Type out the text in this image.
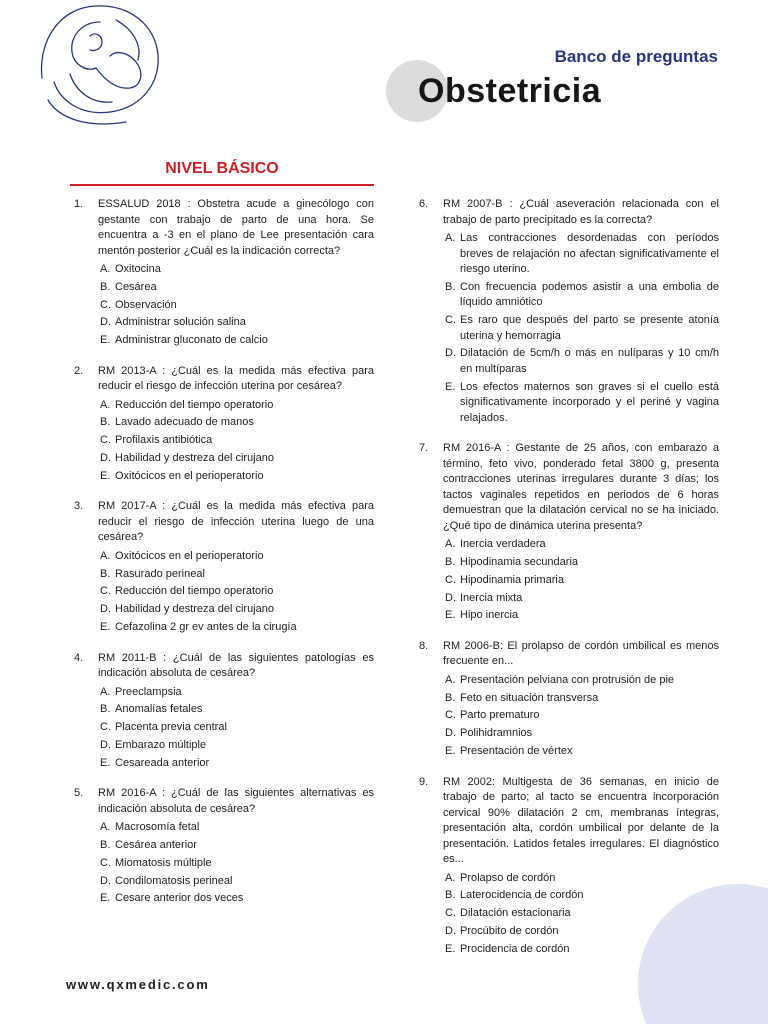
Banco de preguntas
Obstetricia
NIVEL BÁSICO
1. ESSALUD 2018 : Obstetra acude a ginecólogo con gestante con trabajo de parto de una hora. Se encuentra a -3 en el plano de Lee presentación cara mentón posterior ¿Cuál es la indicación correcta?
A. Oxitocina
B. Cesárea
C. Observación
D. Administrar solución salina
E. Administrar gluconato de calcio
2. RM 2013-A : ¿Cuál es la medida más efectiva para reducir el riesgo de infección uterina por cesárea?
A. Reducción del tiempo operatorio
B. Lavado adecuado de manos
C. Profilaxis antibiótica
D. Habilidad y destreza del cirujano
E. Oxitócicos en el perioperatorio
3. RM 2017-A : ¿Cuál es la medida más efectiva para reducir el riesgo de infección uterina luego de una cesárea?
A. Oxitócicos en el perioperatorio
B. Rasurado perineal
C. Reducción del tiempo operatorio
D. Habilidad y destreza del cirujano
E. Cefazolina 2 gr ev antes de la cirugía
4. RM 2011-B : ¿Cuál de las siguientes patologías es indicación absoluta de cesárea?
A. Preeclampsia
B. Anomalías fetales
C. Placenta previa central
D. Embarazo múltiple
E. Cesareada anterior
5. RM 2016-A : ¿Cuál de las siguientes alternativas es indicación absoluta de cesárea?
A. Macrosomía fetal
B. Cesárea anterior
C. Miomatosis múltiple
D. Condilomatosis perineal
E. Cesare anterior dos veces
6. RM 2007-B : ¿Cuál aseveración relacionada con el trabajo de parto precipitado es la correcta?
A. Las contracciones desordenadas con períodos breves de relajación no afectan significativamente el riesgo uterino.
B. Con frecuencia podemos asistir a una embolia de líquido amniótico
C. Es raro que después del parto se presente atonía uterina y hemorragia
D. Dilatación de 5cm/h o más en nulíparas y 10 cm/h en multíparas
E. Los efectos maternos son graves si el cuello está significativamente incorporado y el periné y vagina relajados.
7. RM 2016-A : Gestante de 25 años, con embarazo a término, feto vivo, ponderado fetal 3800 g, presenta contracciones uterinas irregulares durante 3 días; los tactos vaginales repetidos en periodos de 6 horas demuestran que la dilatación cervical no se ha iniciado. ¿Qué tipo de dinámica uterina presenta?
A. Inercia verdadera
B. Hipodinamia secundaria
C. Hipodinamia primaria
D. Inercia mixta
E. Hipo inercia
8. RM 2006-B: El prolapso de cordón umbilical es menos frecuente en...
A. Presentación pelviana con protrusión de pie
B. Feto en situación transversa
C. Parto prematuro
D. Polihidramnios
E. Presentación de vértex
9. RM 2002: Multigesta de 36 semanas, en inicio de trabajo de parto; al tacto se encuentra incorporación cervical 90% dilatación 2 cm, membranas íntegras, presentación alta, cordón umbilical por delante de la presentación. Latidos fetales irregulares. El diagnóstico es...
A. Prolapso de cordón
B. Laterocidencia de cordón
C. Dilatación estacionaria
D. Procúbito de cordón
E. Procidencia de cordón
www.qxmedic.com
